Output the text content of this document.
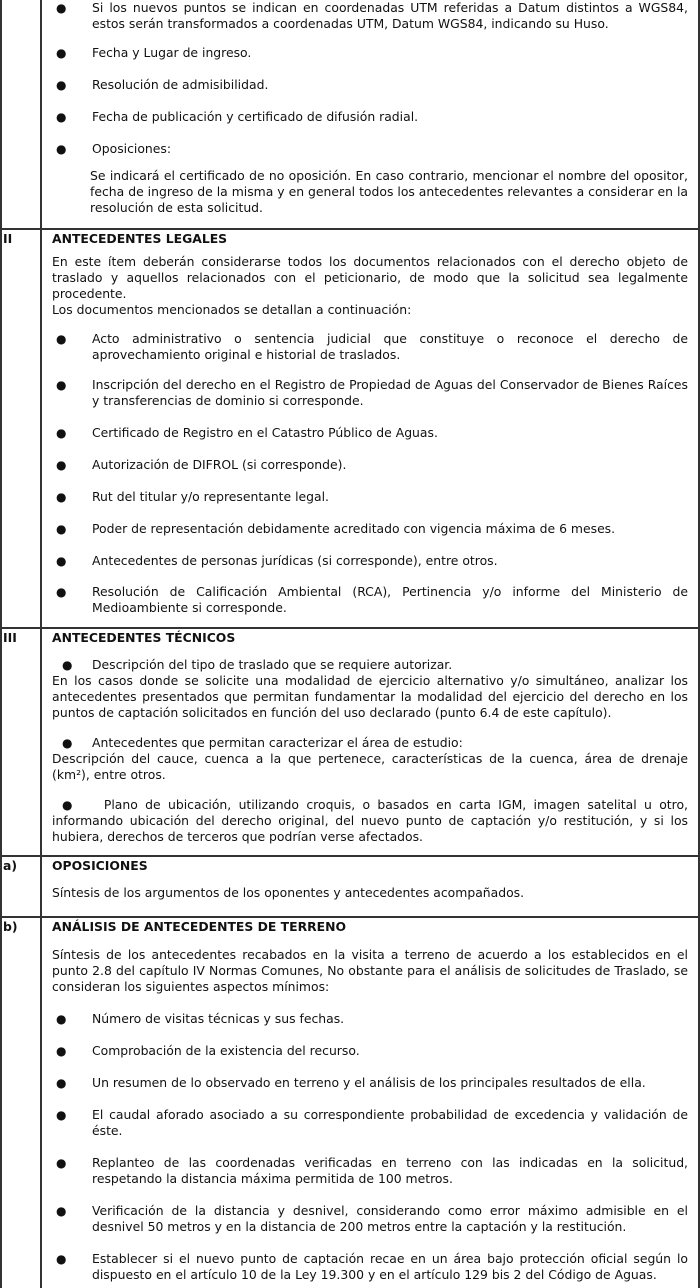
● Si los nuevos puntos se indican en coordenadas UTM referidas a Datum distintos a WGS84, estos serán transformados a coordenadas UTM, Datum WGS84, indicando su Huso.
● Fecha y Lugar de ingreso.
● Resolución de admisibilidad.
● Fecha de publicación y certificado de difusión radial.
● Oposiciones:
Se indicará el certificado de no oposición. En caso contrario, mencionar el nombre del opositor, fecha de ingreso de la misma y en general todos los antecedentes relevantes a considerar en la resolución de esta solicitud.
II	ANTECEDENTES LEGALES
En este ítem deberán considerarse todos los documentos relacionados con el derecho objeto de traslado y aquellos relacionados con el peticionario, de modo que la solicitud sea legalmente procedente.
Los documentos mencionados se detallan a continuación:
● Acto administrativo o sentencia judicial que constituye o reconoce el derecho de aprovechamiento original e historial de traslados.
● Inscripción del derecho en el Registro de Propiedad de Aguas del Conservador de Bienes Raíces y transferencias de dominio si corresponde.
● Certificado de Registro en el Catastro Público de Aguas.
● Autorización de DIFROL (si corresponde).
● Rut del titular y/o representante legal.
● Poder de representación debidamente acreditado con vigencia máxima de 6 meses.
● Antecedentes de personas jurídicas (si corresponde), entre otros.
● Resolución de Calificación Ambiental (RCA), Pertinencia y/o informe del Ministerio de Medioambiente si corresponde.
III	ANTECEDENTES TÉCNICOS
● Descripción del tipo de traslado que se requiere autorizar.
En los casos donde se solicite una modalidad de ejercicio alternativo y/o simultáneo, analizar los antecedentes presentados que permitan fundamentar la modalidad del ejercicio del derecho en los puntos de captación solicitados en función del uso declarado (punto 6.4 de este capítulo).
● Antecedentes que permitan caracterizar el área de estudio:
Descripción del cauce, cuenca a la que pertenece, características de la cuenca, área de drenaje (km²), entre otros.
● Plano de ubicación, utilizando croquis, o basados en carta IGM, imagen satelital u otro, informando ubicación del derecho original, del nuevo punto de captación y/o restitución, y si los hubiera, derechos de terceros que podrían verse afectados.
a)	OPOSICIONES
Síntesis de los argumentos de los oponentes y antecedentes acompañados.
b)	ANÁLISIS DE ANTECEDENTES DE TERRENO
Síntesis de los antecedentes recabados en la visita a terreno de acuerdo a los establecidos en el punto 2.8 del capítulo IV Normas Comunes, No obstante para el análisis de solicitudes de Traslado, se consideran los siguientes aspectos mínimos:
● Número de visitas técnicas y sus fechas.
● Comprobación de la existencia del recurso.
● Un resumen de lo observado en terreno y el análisis de los principales resultados de ella.
● El caudal aforado asociado a su correspondiente probabilidad de excedencia y validación de éste.
● Replanteo de las coordenadas verificadas en terreno con las indicadas en la solicitud, respetando la distancia máxima permitida de 100 metros.
● Verificación de la distancia y desnivel, considerando como error máximo admisible en el desnivel 50 metros y en la distancia de 200 metros entre la captación y la restitución.
● Establecer si el nuevo punto de captación recae en un área bajo protección oficial según lo dispuesto en el artículo 10 de la Ley 19.300 y en el artículo 129 bis 2 del Código de Aguas.
